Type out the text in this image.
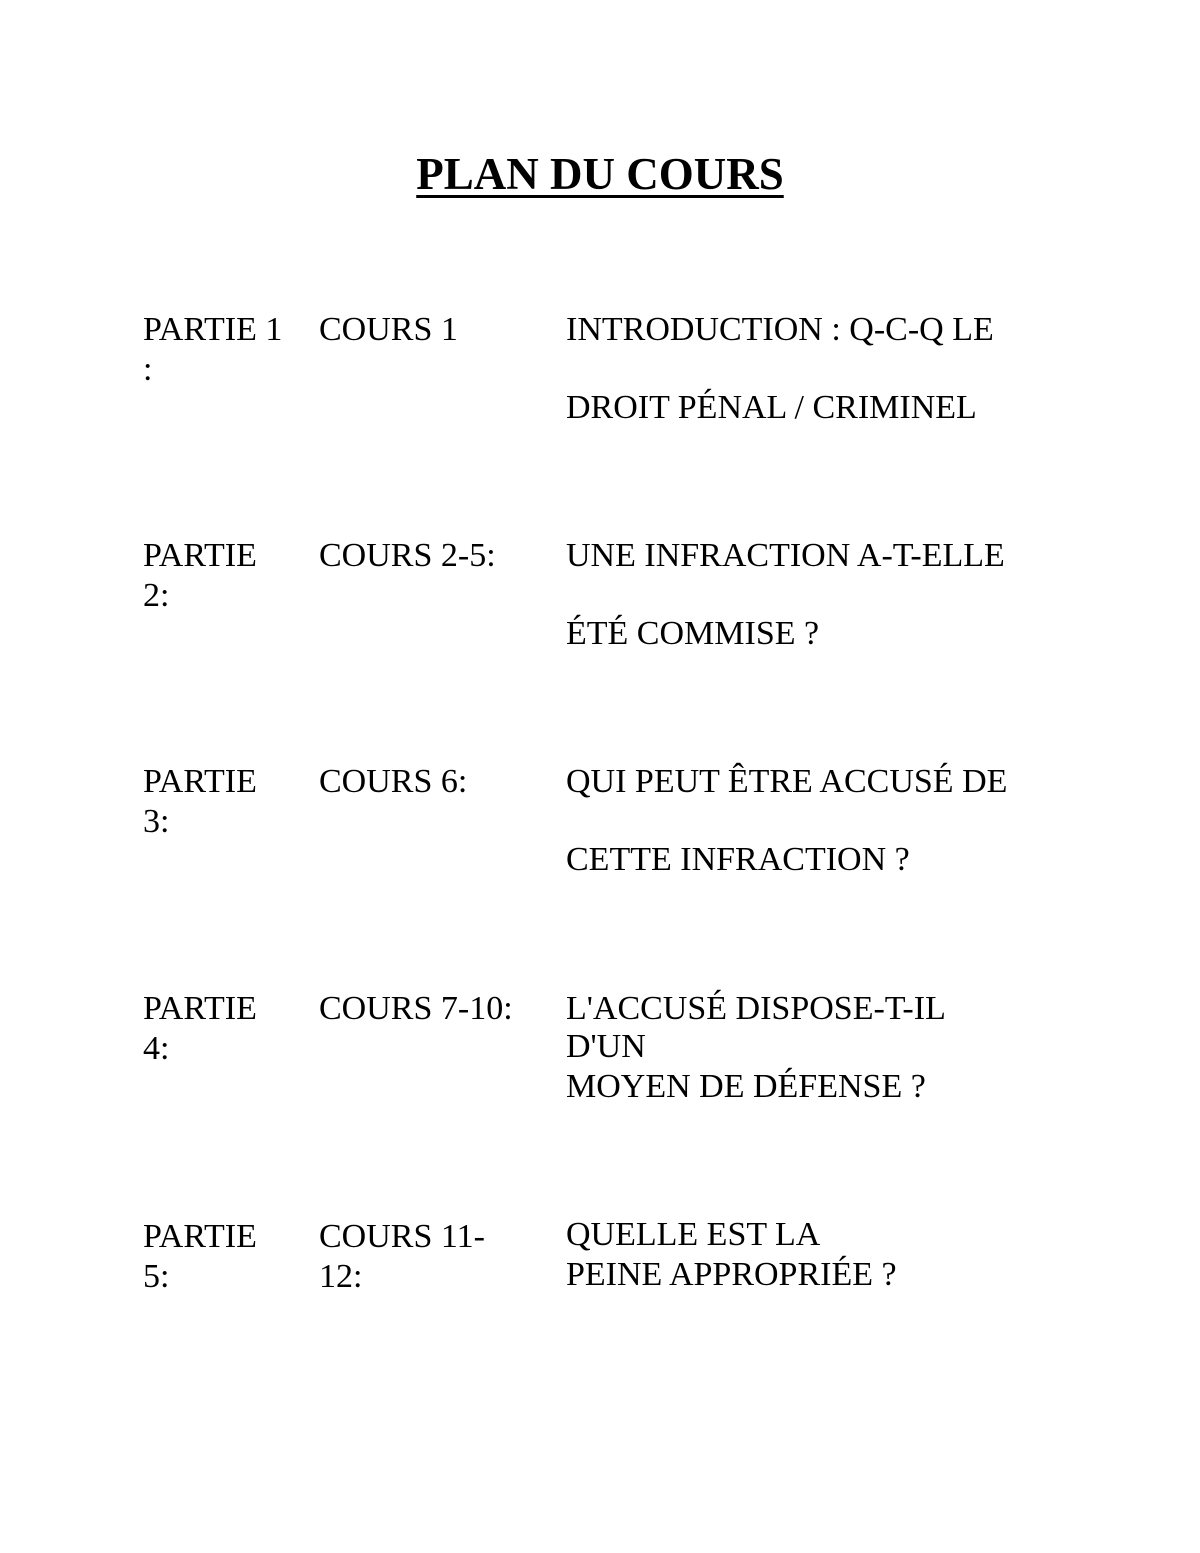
PLAN DU COURS
PARTIE 1
:
COURS 1	INTRODUCTION : Q-C-Q LE
DROIT PÉNAL / CRIMINEL
PARTIE
2:
COURS 2-5: UNE INFRACTION A-T-ELLE
ÉTÉ COMMISE ?
PARTIE
3:
COURS 6:	QUI PEUT ÊTRE ACCUSÉ DE
CETTE INFRACTION ?
PARTIE
4:
COURS 7-10: L'ACCUSÉ DISPOSE-T-IL
D'UN
MOYEN DE DÉFENSE ?
PARTIE
5:
COURS 11-
12:
QUELLE EST LA
PEINE APPROPRIÉE ?
